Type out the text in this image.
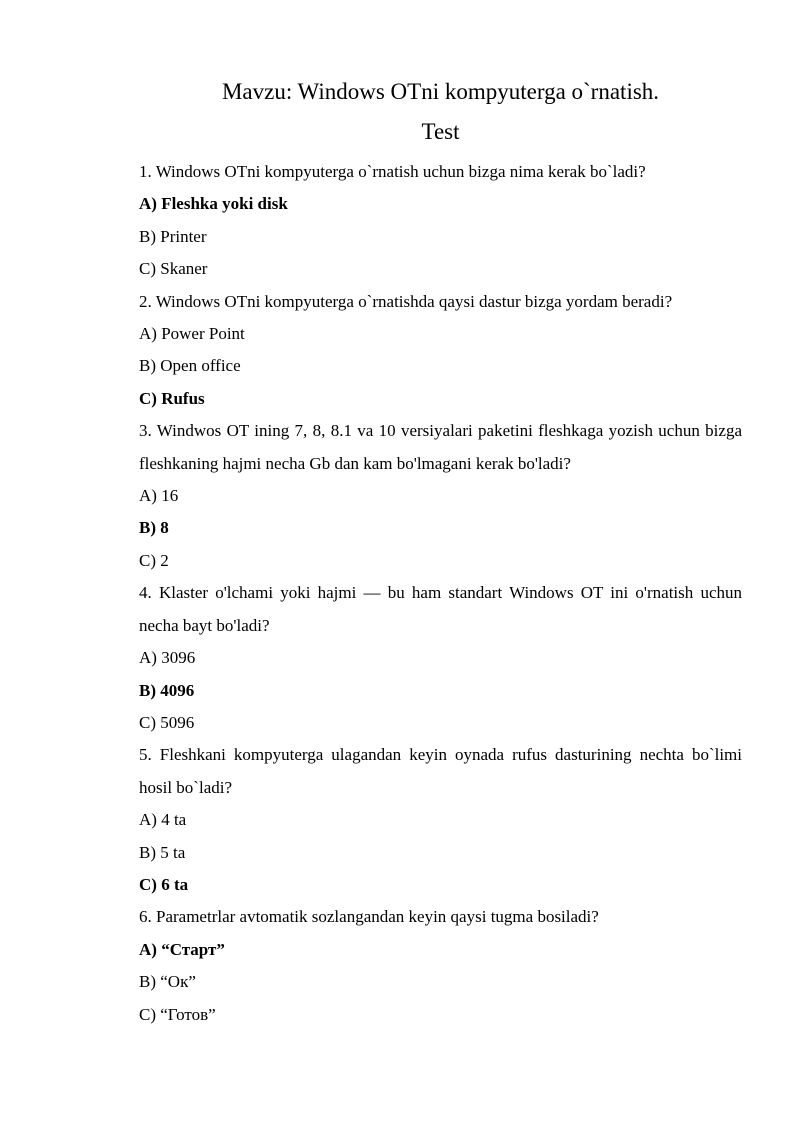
Mavzu: Windows OTni kompyuterga o`rnatish.

Test

1. Windows OTni kompyuterga o`rnatish uchun bizga nima kerak bo`ladi?

A) Fleshka yoki disk

B) Printer

C) Skaner

2. Windows OTni kompyuterga o`rnatishda qaysi dastur bizga yordam beradi?

A) Power Point

B) Open office

C) Rufus

3. Windwos OT ining 7, 8, 8.1 va 10 versiyalari paketini fleshkaga yozish uchun bizga fleshkaning hajmi necha Gb dan kam bo'lmagani kerak bo'ladi?

A) 16

B) 8

C) 2

4. Klaster o'lchami yoki hajmi — bu ham standart Windows OT ini o'rnatish uchun necha bayt bo'ladi?

A) 3096

B) 4096

C) 5096

5. Fleshkani kompyuterga ulagandan keyin oynada rufus dasturining nechta bo`limi hosil bo`ladi?

A) 4 ta

B) 5 ta

C) 6 ta

6. Parametrlar avtomatik sozlangandan keyin qaysi tugma bosiladi?

A) “Старт”

B) “Ок”

C) “Готов”
